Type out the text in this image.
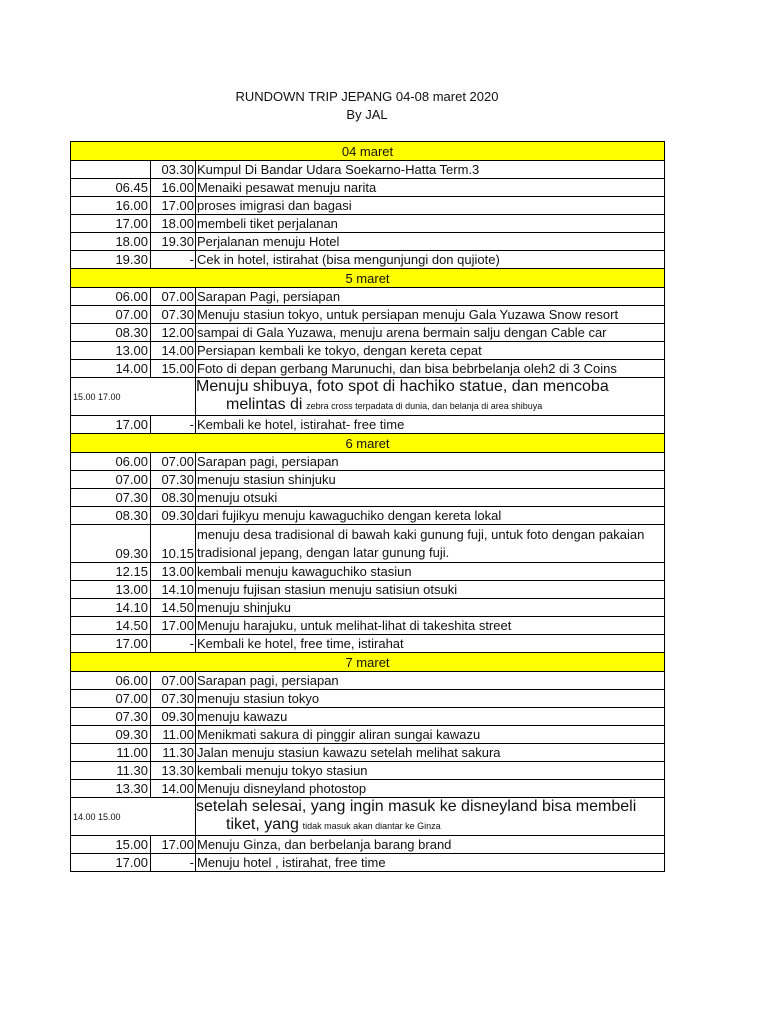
RUNDOWN TRIP JEPANG 04-08 maret 2020
By JAL
04 maret		
	03.30	Kumpul Di Bandar Udara Soekarno-Hatta Term.3
06.45	16.00	Menaiki pesawat menuju narita
16.00	17.00	proses imigrasi dan bagasi
17.00	18.00	membeli tiket perjalanan
18.00	19.30	Perjalanan menuju Hotel
19.30	-	Cek in hotel, istirahat (bisa mengunjungi don qujiote)
5 maret		
06.00	07.00	Sarapan Pagi, persiapan
07.00	07.30	Menuju stasiun tokyo, untuk persiapan menuju Gala Yuzawa Snow resort
08.30	12.00	sampai di Gala Yuzawa, menuju arena bermain salju dengan Cable car
13.00	14.00	Persiapan kembali ke tokyo, dengan kereta cepat
14.00	15.00	Foto di depan gerbang Marunuchi, dan bisa bebrbelanja oleh2 di 3 Coins
15.00 17.00		Menuju shibuya, foto spot di hachiko statue, dan mencoba melintas di zebra cross terpadata di dunia, dan belanja di area shibuya
17.00	-	Kembali ke hotel, istirahat- free time
6 maret		
06.00	07.00	Sarapan pagi, persiapan
07.00	07.30	menuju stasiun shinjuku
07.30	08.30	menuju otsuki
08.30	09.30	dari fujikyu menuju kawaguchiko dengan kereta lokal
09.30	10.15	menuju desa tradisional di bawah kaki gunung fuji, untuk foto dengan pakaian tradisional jepang, dengan latar gunung fuji.
12.15	13.00	kembali menuju kawaguchiko stasiun
13.00	14.10	menuju fujisan stasiun menuju satisiun otsuki
14.10	14.50	menuju shinjuku
14.50	17.00	Menuju harajuku, untuk melihat-lihat di takeshita street
17.00	-	Kembali ke hotel, free time, istirahat
7 maret		
06.00	07.00	Sarapan pagi, persiapan
07.00	07.30	menuju stasiun tokyo
07.30	09.30	menuju kawazu
09.30	11.00	Menikmati sakura di pinggir aliran sungai kawazu
11.00	11.30	Jalan menuju stasiun kawazu setelah melihat sakura
11.30	13.30	kembali menuju tokyo stasiun
13.30	14.00	Menuju disneyland photostop
14.00 15.00		setelah selesai, yang ingin masuk ke disneyland bisa membeli tiket, yang tidak masuk akan diantar ke Ginza
15.00	17.00	Menuju Ginza, dan berbelanja barang brand
17.00	-	Menuju hotel , istirahat, free time
